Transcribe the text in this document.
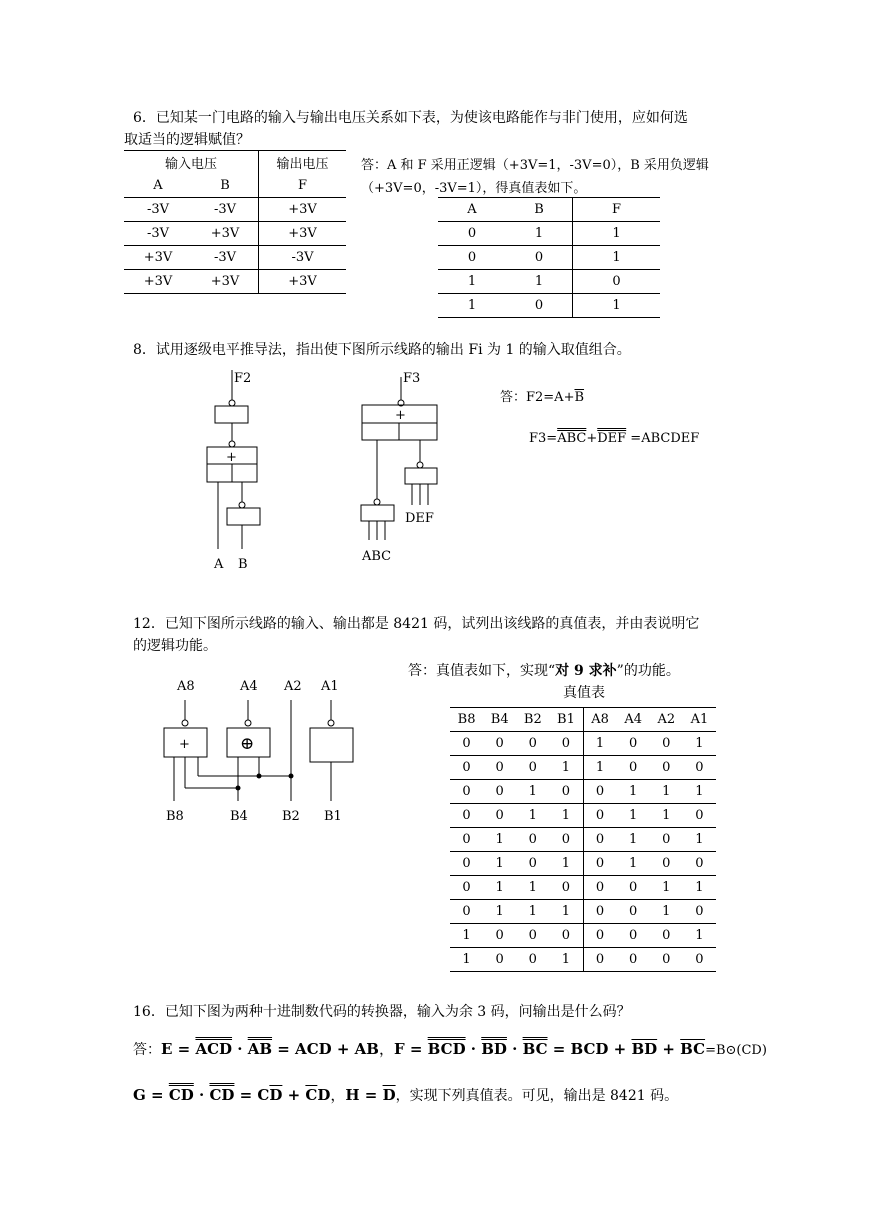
6．已知某一门电路的输入与输出电压关系如下表，为使该电路能作与非门使用，应如何选
取适当的逻辑赋值？
输入电压		输出电压
A	B	F
-3V	-3V	+3V
-3V	+3V	+3V
+3V	-3V	-3V
+3V	+3V	+3V
答：A 和 F 采用正逻辑（+3V=1，-3V=0），B 采用负逻辑
（+3V=0，-3V=1），得真值表如下。
A	B	F
0	1	1
0	0	1
1	1	0
1	0	1
8．试用逐级电平推导法，指出使下图所示线路的输出 Fi 为 1 的输入取值组合。
F2
+
A B
F3
+
ABC
DEF
答：$F2=A+\overline{B}$
F3=ABC+DEF =ABCDEF
12．已知下图所示线路的输入、输出都是 8421 码，试列出该线路的真值表，并由表说明它
的逻辑功能。
答：真值表如下，实现“对 9 求补”的功能。
真值表
A8	A4 A2 A1
+	⊕
B8	B4	B2 B1
B8	B4	B2	B1	A8	A4	A2	A1
0	0	0	0	1	0	0	1
0	0	0	1	1	0	0	0
0	0	1	0	0	1	1	1
0	0	1	1	0	1	1	0
0	1	0	0	0	1	0	1
0	1	0	1	0	1	0	0
0	1	1	0	0	0	1	1
0	1	1	1	0	0	1	0
1	0	0	0	0	0	0	1
1	0	0	1	0	0	0	0
16．已知下图为两种十进制数代码的转换器，输入为余 3 码，问输出是什么码？
答：E = ACD · AB = ACD + AB，F = BCD · BD · BC = BCD + $\overline{BD}$ + $\overline{BC}=B⊙(CD)$
G = CD · CD = $C\overline{D} + \overline{C}D$，$H = \overline{D}$，实现下列真值表。可见，输出是 8421 码。
